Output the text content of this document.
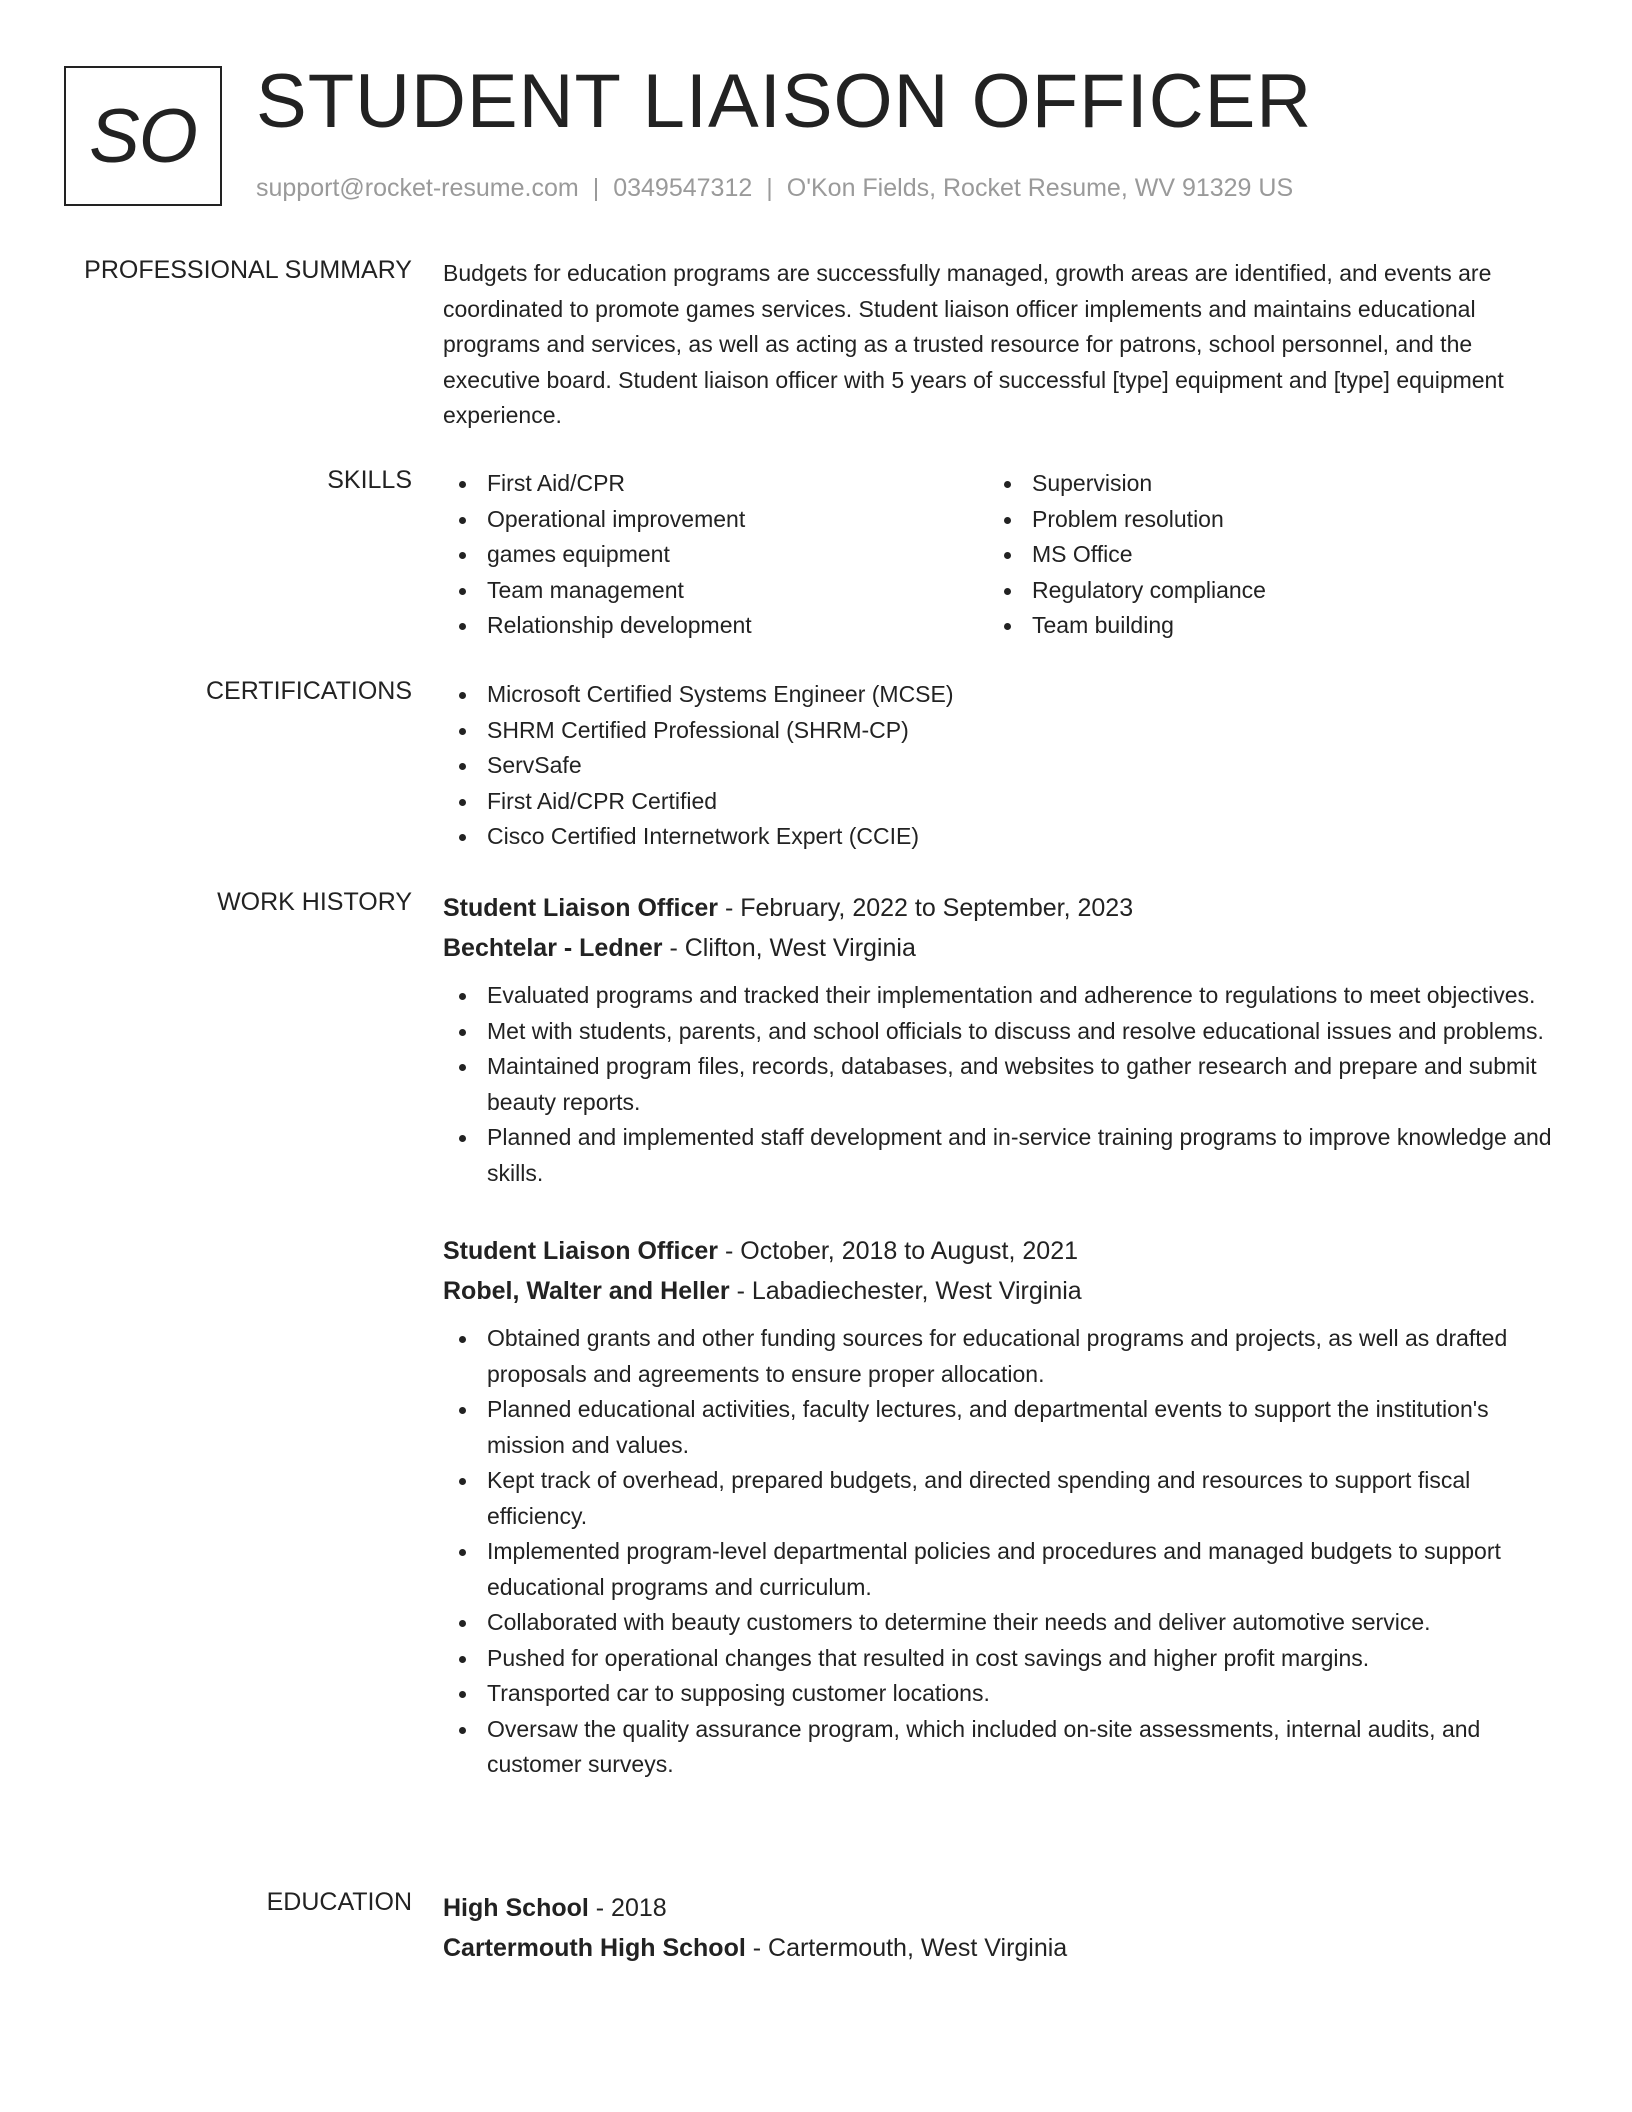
SO STUDENT LIAISON OFFICER
support@rocket-resume.com | 0349547312 | O'Kon Fields, Rocket Resume, WV 91329 US
PROFESSIONAL SUMMARY Budgets for education programs are successfully managed, growth areas are identified, and events are coordinated to promote games services. Student liaison officer implements and maintains educational programs and services, as well as acting as a trusted resource for patrons, school personnel, and the executive board. Student liaison officer with 5 years of successful [type] equipment and [type] equipment experience.
SKILLS	First Aid/CPR
Operational improvement
games equipment
Team management
Relationship development
Supervision
Problem resolution
MS Office
Regulatory compliance
Team building
CERTIFICATIONS	Microsoft Certified Systems Engineer (MCSE)
SHRM Certified Professional (SHRM-CP)
ServSafe
First Aid/CPR Certified
Cisco Certified Internetwork Expert (CCIE)
WORK HISTORY Student Liaison Officer - February, 2022 to September, 2023
Bechtelar - Ledner - Clifton, West Virginia
Evaluated programs and tracked their implementation and adherence to regulations to meet objectives.
Met with students, parents, and school officials to discuss and resolve educational issues and problems.
Maintained program files, records, databases, and websites to gather research and prepare and submit beauty reports.
Planned and implemented staff development and in-service training programs to improve knowledge and skills.
Student Liaison Officer - October, 2018 to August, 2021
Robel, Walter and Heller - Labadiechester, West Virginia
Obtained grants and other funding sources for educational programs and projects, as well as drafted proposals and agreements to ensure proper allocation.
Planned educational activities, faculty lectures, and departmental events to support the institution's mission and values.
Kept track of overhead, prepared budgets, and directed spending and resources to support fiscal efficiency.
Implemented program-level departmental policies and procedures and managed budgets to support educational programs and curriculum.
Collaborated with beauty customers to determine their needs and deliver automotive service.
Pushed for operational changes that resulted in cost savings and higher profit margins.
Transported car to supposing customer locations.
Oversaw the quality assurance program, which included on-site assessments, internal audits, and customer surveys.
EDUCATION High School - 2018
Cartermouth High School - Cartermouth, West Virginia
